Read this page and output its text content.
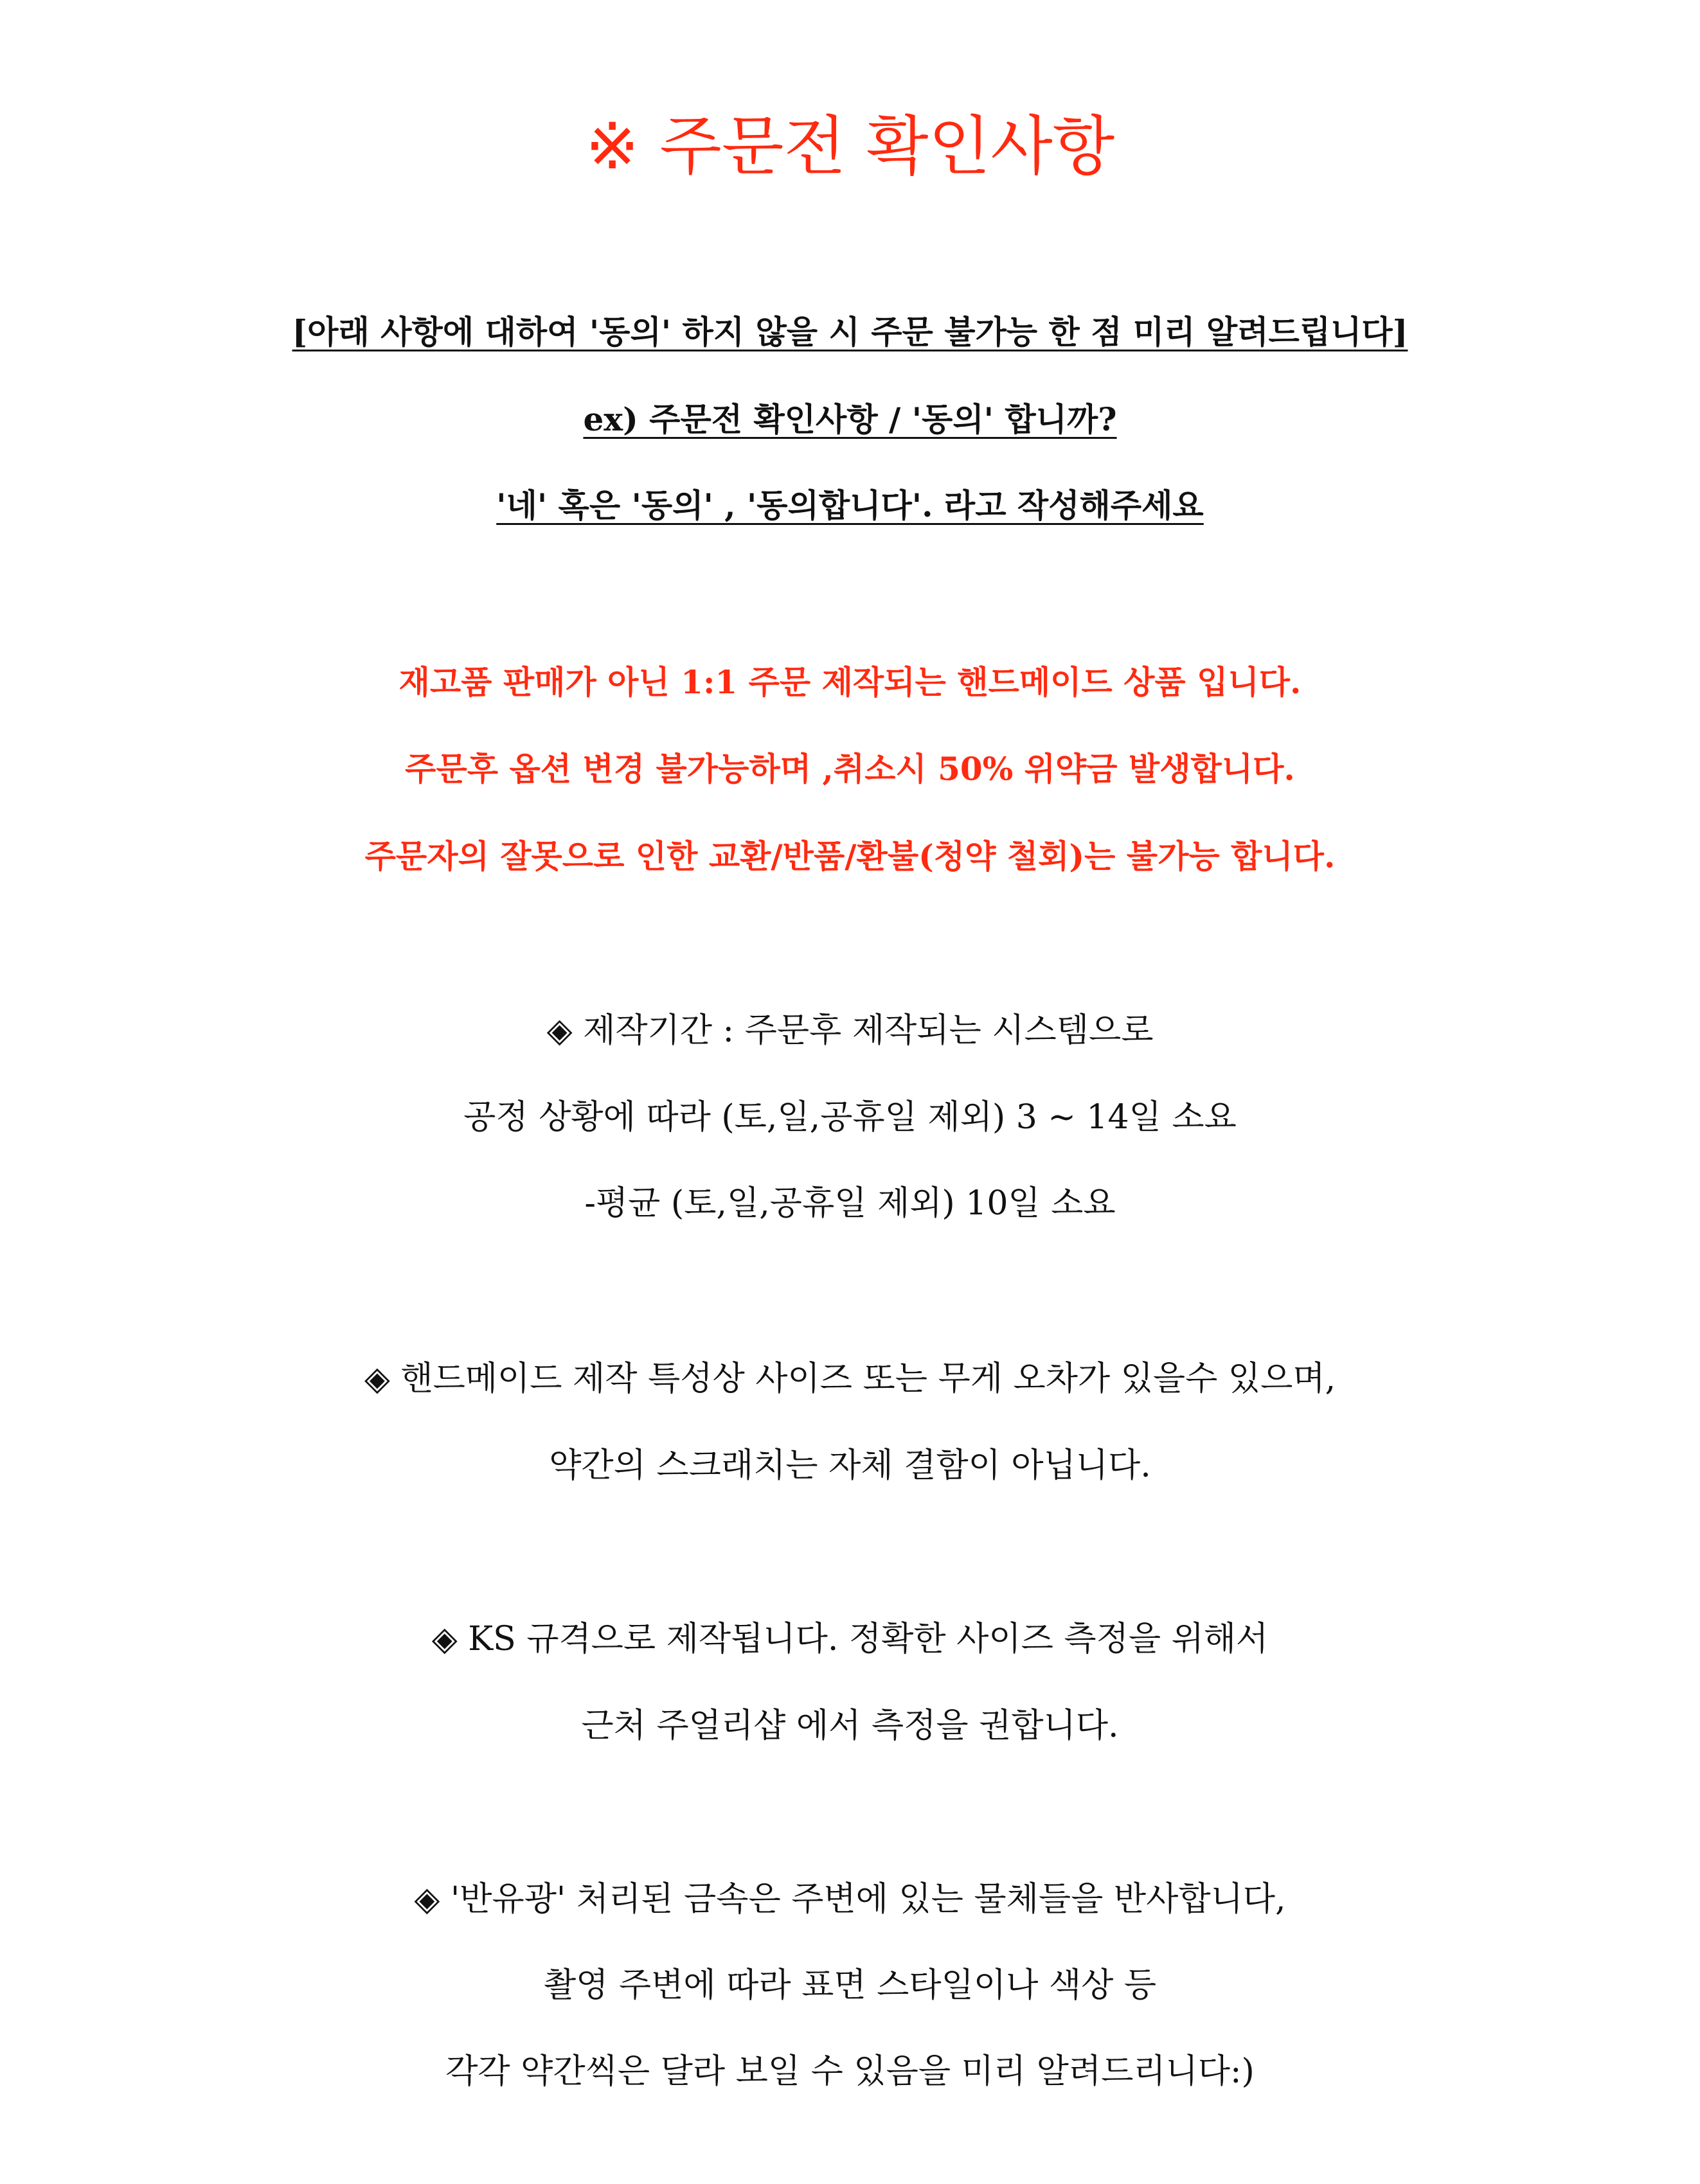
※ 주문전 확인사항
[아래 사항에 대하여 '동의' 하지 않을 시 주문 불가능 한 점 미리 알려드립니다]
ex) 주문전 확인사항 / '동의' 합니까?
'네' 혹은 '동의' , '동의합니다'. 라고 작성해주세요
재고품 판매가 아닌 1:1 주문 제작되는 핸드메이드 상품 입니다.
주문후 옵션 변경 불가능하며 ,취소시 50% 위약금 발생합니다.
주문자의 잘못으로 인한 교환/반품/환불(청약 철회)는 불가능 합니다.
◈ 제작기간 : 주문후 제작되는 시스템으로
공정 상황에 따라 (토,일,공휴일 제외) 3 ~ 14일 소요
-평균 (토,일,공휴일 제외) 10일 소요
◈ 핸드메이드 제작 특성상 사이즈 또는 무게 오차가 있을수 있으며,
약간의 스크래치는 자체 결함이 아닙니다.
◈ KS 규격으로 제작됩니다. 정확한 사이즈 측정을 위해서
근처 주얼리샵 에서 측정을 권합니다.
◈ '반유광' 처리된 금속은 주변에 있는 물체들을 반사합니다,
촬영 주변에 따라 표면 스타일이나 색상 등
각각 약간씩은 달라 보일 수 있음을 미리 알려드리니다:)
